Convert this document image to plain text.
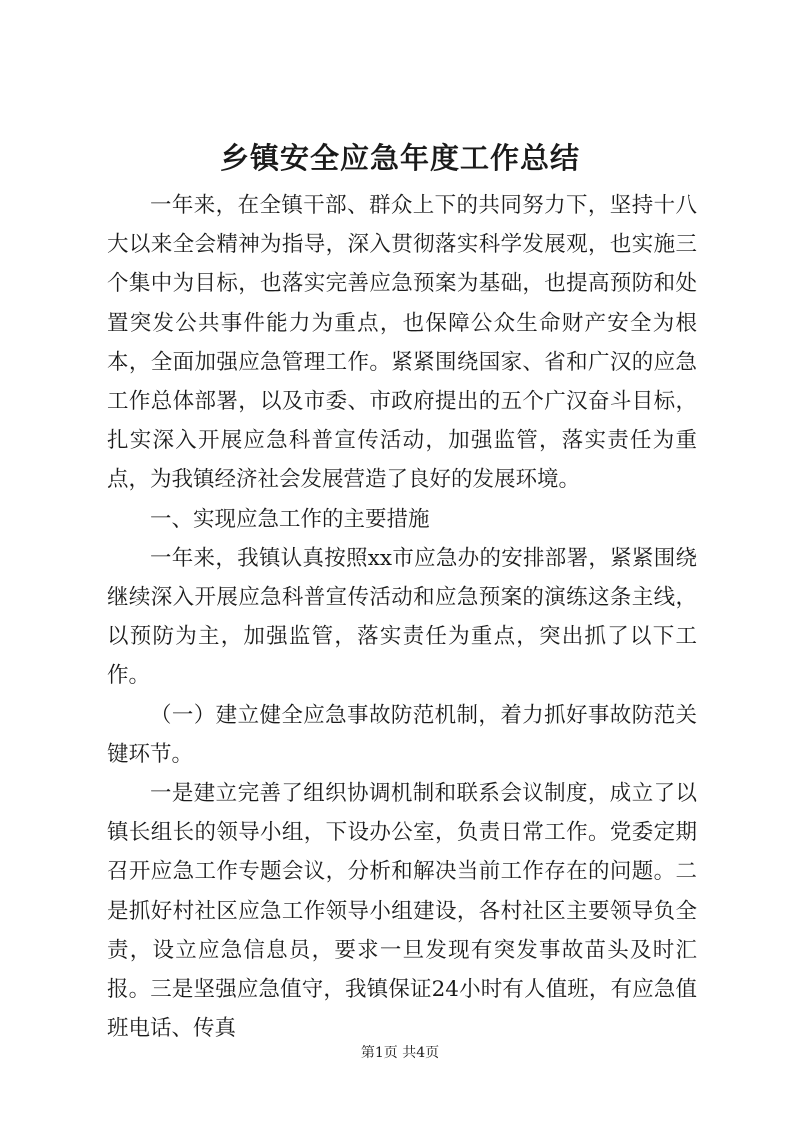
乡镇安全应急年度工作总结

一年来，在全镇干部、群众上下的共同努力下，坚持十八大以来全会精神为指导，深入贯彻落实科学发展观，也实施三个集中为目标，也落实完善应急预案为基础，也提高预防和处置突发公共事件能力为重点，也保障公众生命财产安全为根本，全面加强应急管理工作。紧紧围绕国家、省和广汉的应急工作总体部署，以及市委、市政府提出的五个广汉奋斗目标，扎实深入开展应急科普宣传活动，加强监管，落实责任为重点，为我镇经济社会发展营造了良好的发展环境。

一、实现应急工作的主要措施

一年来，我镇认真按照xx市应急办的安排部署，紧紧围绕继续深入开展应急科普宣传活动和应急预案的演练这条主线，以预防为主，加强监管，落实责任为重点，突出抓了以下工作。

（一）建立健全应急事故防范机制，着力抓好事故防范关键环节。

一是建立完善了组织协调机制和联系会议制度，成立了以镇长组长的领导小组，下设办公室，负责日常工作。党委定期召开应急工作专题会议，分析和解决当前工作存在的问题。二是抓好村社区应急工作领导小组建设，各村社区主要领导负全责，设立应急信息员，要求一旦发现有突发事故苗头及时汇报。三是坚强应急值守，我镇保证24小时有人值班，有应急值班电话、传真

第1页 共4页
